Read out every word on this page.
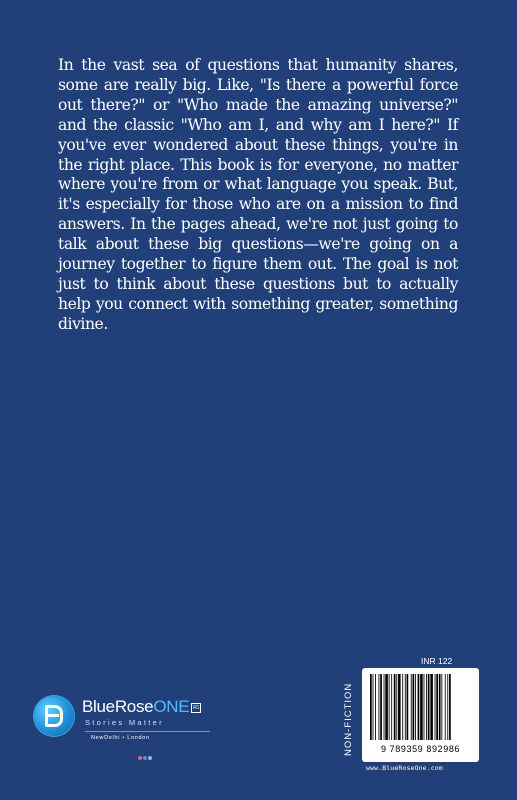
In the vast sea of questions that humanity shares, some are really big. Like, "Is there a powerful force out there?" or "Who made the amazing universe?" and the classic "Who am I, and why am I here?" If you've ever wondered about these things, you're in the right place. This book is for everyone, no matter where you're from or what language you speak. But, it's especially for those who are on a mission to find answers. In the pages ahead, we're not just going to talk about these big questions—we're going on a journey together to figure them out. The goal is not just to think about these questions but to actually help you connect with something greater, something divine.

BlueRoseONE R1
Stories Matter
NewDelhi • London	NON-FICTION
INR 122
9 789359 892986
www.BlueRoseOne.com
